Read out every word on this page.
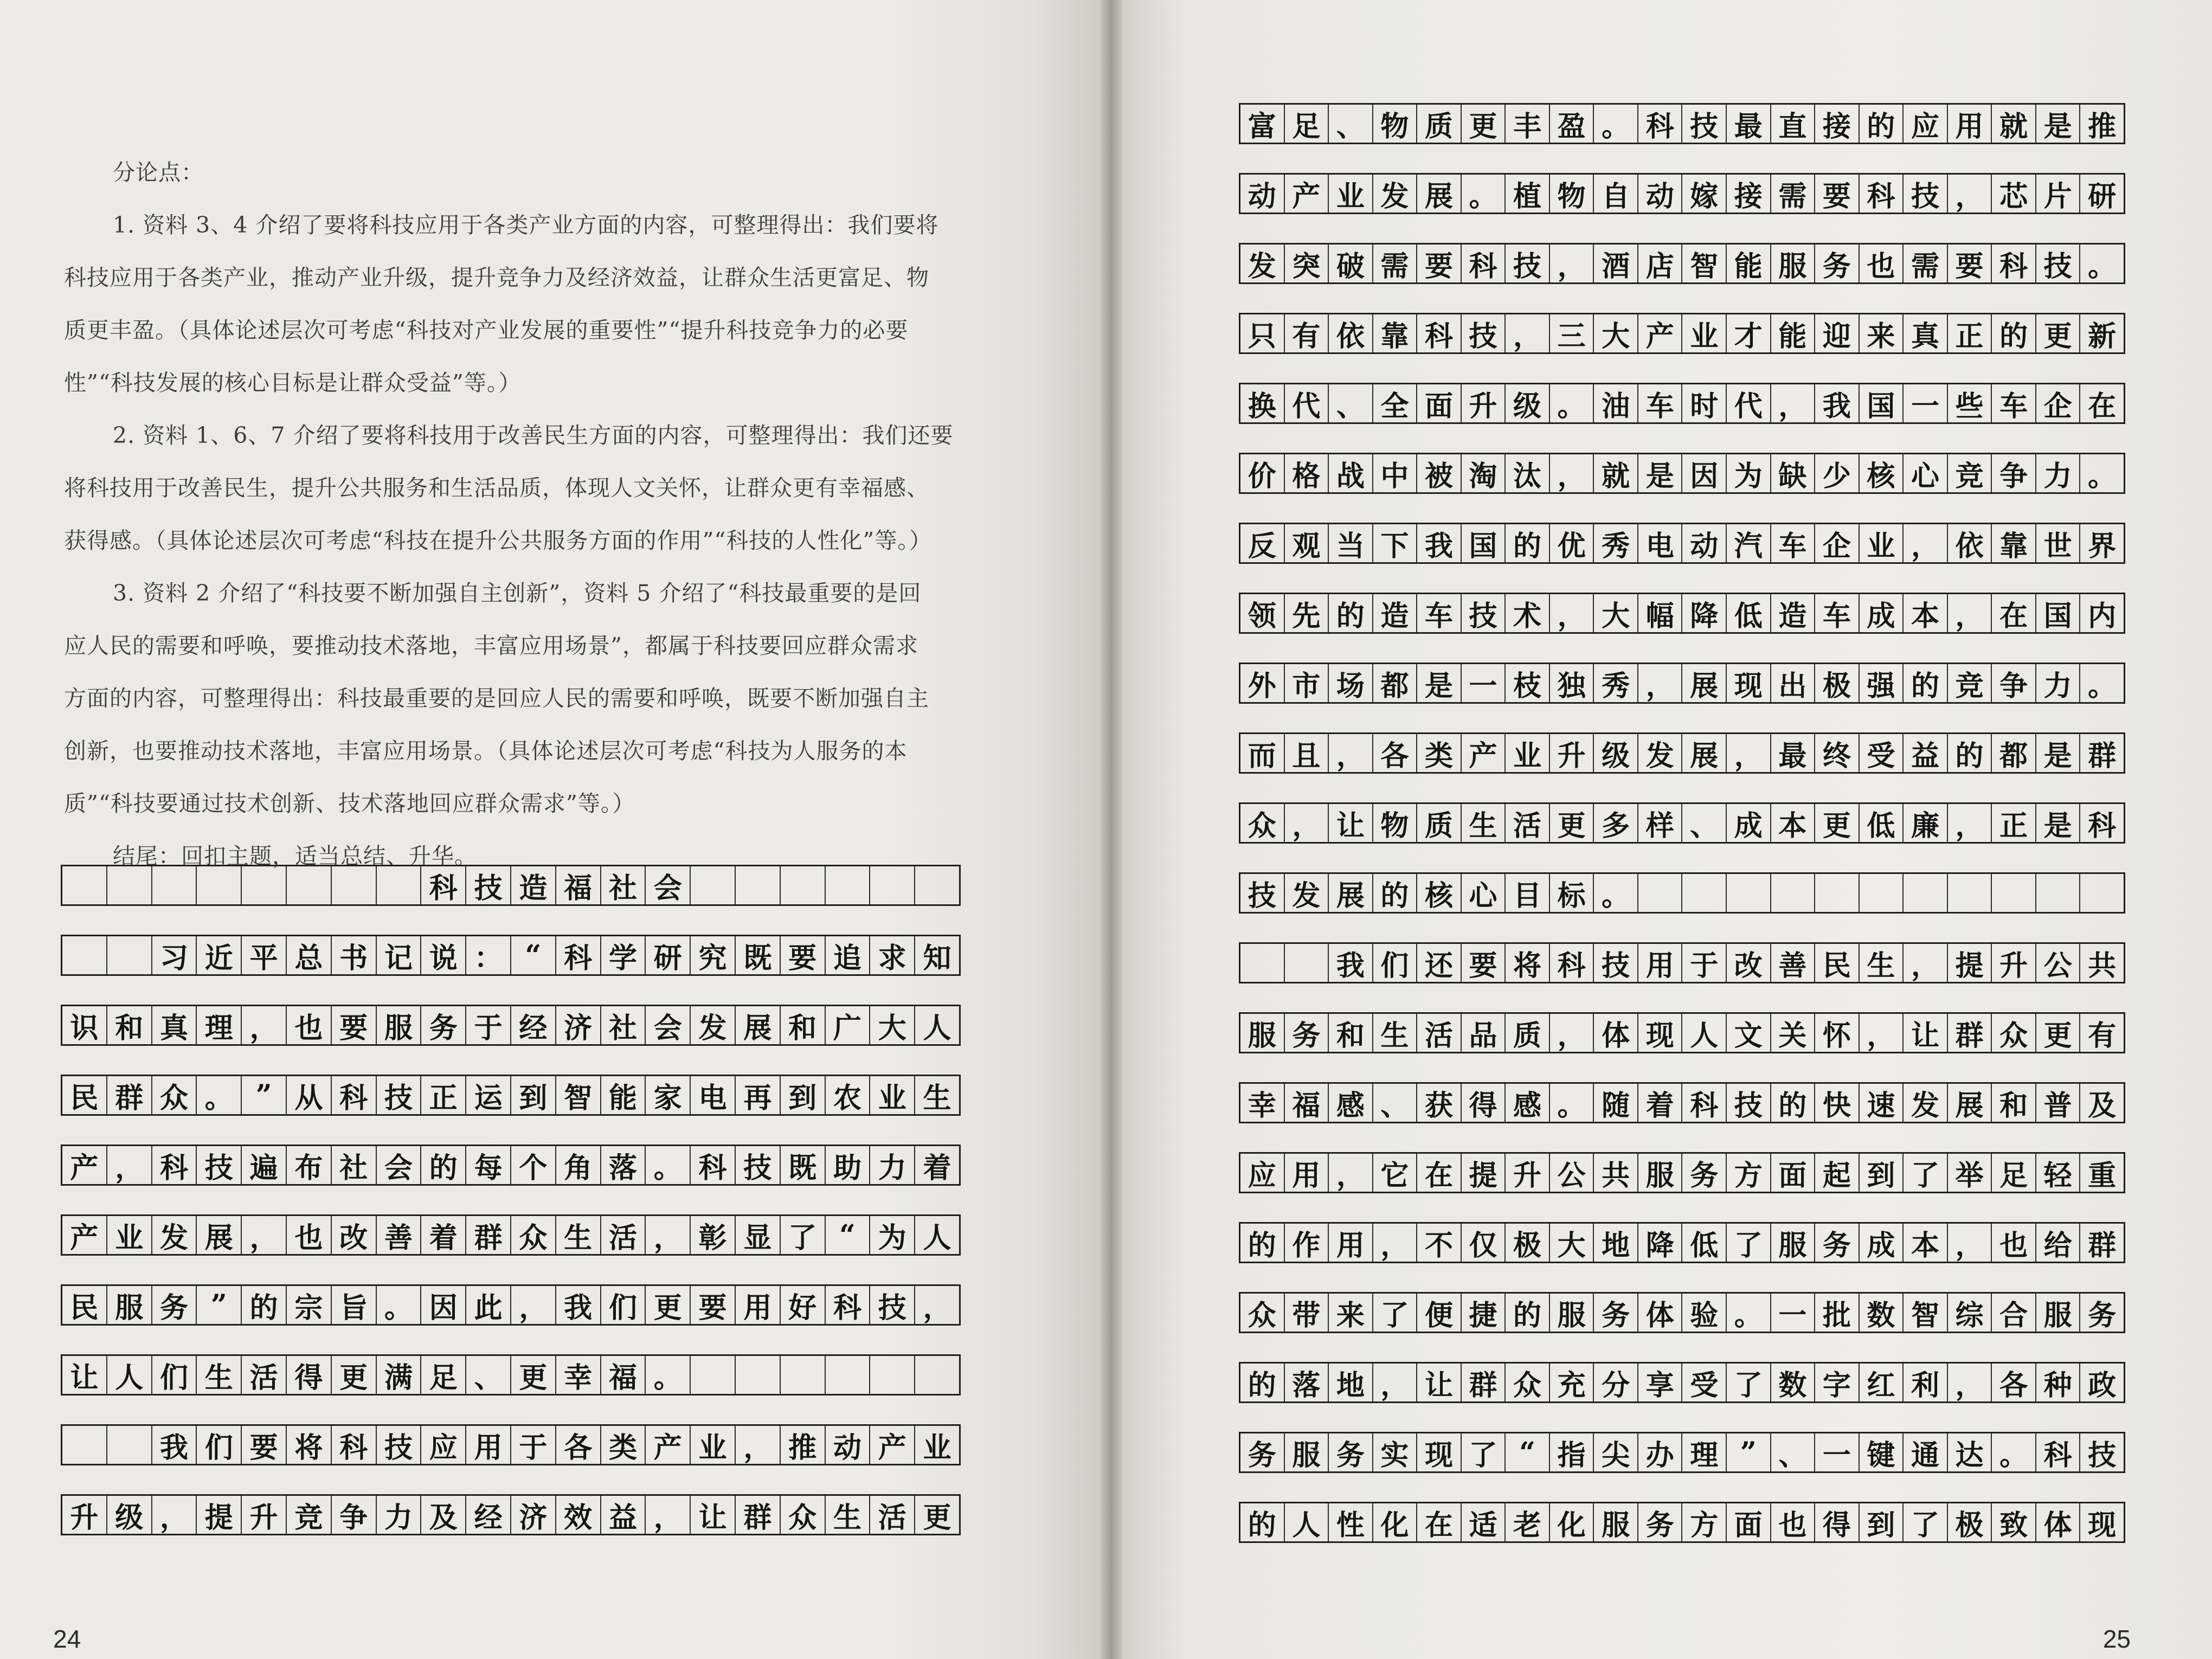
分论点：
1. 资料 3、4 介绍了要将科技应用于各类产业方面的内容，可整理得出：我们要将
科技应用于各类产业，推动产业升级，提升竞争力及经济效益，让群众生活更富足、物
质更丰盈。（具体论述层次可考虑“科技对产业发展的重要性”“提升科技竞争力的必要
性”“科技发展的核心目标是让群众受益”等。）
2. 资料 1、6、7 介绍了要将科技用于改善民生方面的内容，可整理得出：我们还要
将科技用于改善民生，提升公共服务和生活品质，体现人文关怀，让群众更有幸福感、
获得感。（具体论述层次可考虑“科技在提升公共服务方面的作用”“科技的人性化”等。）
3. 资料 2 介绍了“科技要不断加强自主创新”，资料 5 介绍了“科技最重要的是回
应人民的需要和呼唤，要推动技术落地，丰富应用场景”，都属于科技要回应群众需求
方面的内容，可整理得出：科技最重要的是回应人民的需要和呼唤，既要不断加强自主
创新，也要推动技术落地，丰富应用场景。（具体论述层次可考虑“科技为人服务的本
质”“科技要通过技术创新、技术落地回应群众需求”等。）
结尾：回扣主题，适当总结、升华。
科 技 造 福 社 会
习 近 平 总 书 记 说 ： “ 科 学 研 究 既 要 追 求 知
识 和 真 理 ， 也 要 服 务 于 经 济 社 会 发 展 和 广 大 人
民 群 众 。 ” 从 科 技 正 运 到 智 能 家 电 再 到 农 业 生
产 ， 科 技 遍 布 社 会 的 每 个 角 落 。 科 技 既 助 力 着
产 业 发 展 ， 也 改 善 着 群 众 生 活 ， 彰 显 了 “ 为 人
民 服 务 ” 的 宗 旨 。 因 此 ， 我 们 更 要 用 好 科 技 ，
让 人 们 生 活 得 更 满 足 、 更 幸 福 。
我 们 要 将 科 技 应 用 于 各 类 产 业 ， 推 动 产 业
升 级 ， 提 升 竞 争 力 及 经 济 效 益 ， 让 群 众 生 活 更
24
富 足 、 物 质 更 丰 盈 。 科 技 最 直 接 的 应 用 就 是 推
动 产 业 发 展 。 植 物 自 动 嫁 接 需 要 科 技 ， 芯 片 研
发 突 破 需 要 科 技 ， 酒 店 智 能 服 务 也 需 要 科 技 。
只 有 依 靠 科 技 ， 三 大 产 业 才 能 迎 来 真 正 的 更 新
换 代 、 全 面 升 级 。 油 车 时 代 ， 我 国 一 些 车 企 在
价 格 战 中 被 淘 汰 ， 就 是 因 为 缺 少 核 心 竞 争 力 。
反 观 当 下 我 国 的 优 秀 电 动 汽 车 企 业 ， 依 靠 世 界
领 先 的 造 车 技 术 ， 大 幅 降 低 造 车 成 本 ， 在 国 内
外 市 场 都 是 一 枝 独 秀 ， 展 现 出 极 强 的 竞 争 力 。
而 且 ， 各 类 产 业 升 级 发 展 ， 最 终 受 益 的 都 是 群
众 ， 让 物 质 生 活 更 多 样 、 成 本 更 低 廉 ， 正 是 科
技 发 展 的 核 心 目 标 。
我 们 还 要 将 科 技 用 于 改 善 民 生 ， 提 升 公 共
服 务 和 生 活 品 质 ， 体 现 人 文 关 怀 ， 让 群 众 更 有
幸 福 感 、 获 得 感 。 随 着 科 技 的 快 速 发 展 和 普 及
应 用 ， 它 在 提 升 公 共 服 务 方 面 起 到 了 举 足 轻 重
的 作 用 ， 不 仅 极 大 地 降 低 了 服 务 成 本 ， 也 给 群
众 带 来 了 便 捷 的 服 务 体 验 。 一 批 数 智 综 合 服 务
的 落 地 ， 让 群 众 充 分 享 受 了 数 字 红 利 ， 各 种 政
务 服 务 实 现 了 “ 指 尖 办 理 ” 、 一 键 通 达 。 科 技
的 人 性 化 在 适 老 化 服 务 方 面 也 得 到 了 极 致 体 现
25
